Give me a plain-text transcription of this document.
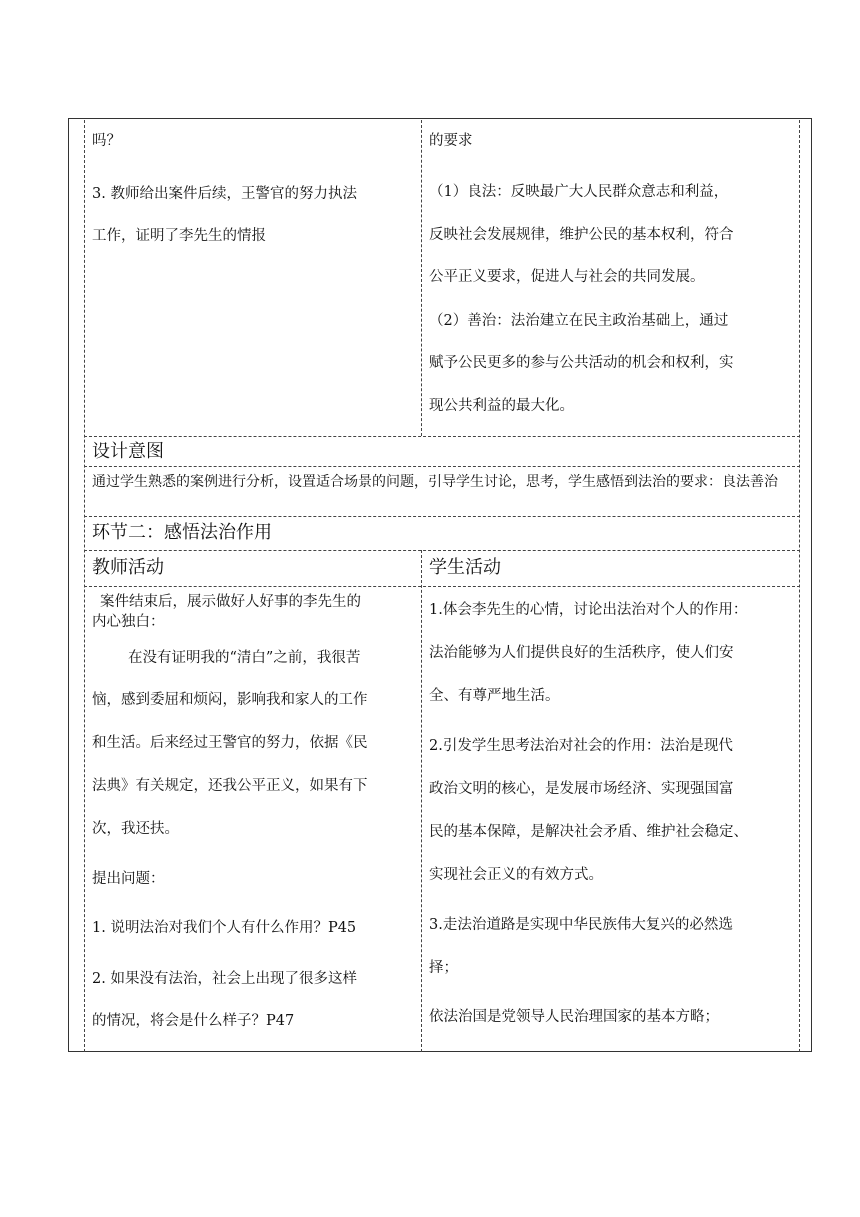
吗？

3. 教师给出案件后续，王警官的努力执法

工作，证明了李先生的情报

的要求

（1）良法：反映最广大人民群众意志和利益，

反映社会发展规律，维护公民的基本权利，符合

公平正义要求，促进人与社会的共同发展。

（2）善治：法治建立在民主政治基础上，通过

赋予公民更多的参与公共活动的机会和权利，实

现公共利益的最大化。

设计意图

通过学生熟悉的案例进行分析，设置适合场景的问题，引导学生讨论，思考，学生感悟到法治的要求：良法善治

环节二：感悟法治作用

教师活动	学生活动

案件结束后，展示做好人好事的李先生的

内心独白：

在没有证明我的“清白”之前，我很苦

恼，感到委屈和烦闷，影响我和家人的工作

和生活。后来经过王警官的努力，依据《民

法典》有关规定，还我公平正义，如果有下

次，我还扶。

提出问题：

1. 说明法治对我们个人有什么作用？P45

2. 如果没有法治，社会上出现了很多这样

的情况，将会是什么样子？P47

1.体会李先生的心情，讨论出法治对个人的作用：

法治能够为人们提供良好的生活秩序，使人们安

全、有尊严地生活。

2.引发学生思考法治对社会的作用：法治是现代

政治文明的核心，是发展市场经济、实现强国富

民的基本保障，是解决社会矛盾、维护社会稳定、

实现社会正义的有效方式。

3.走法治道路是实现中华民族伟大复兴的必然选

择；

依法治国是党领导人民治理国家的基本方略；
